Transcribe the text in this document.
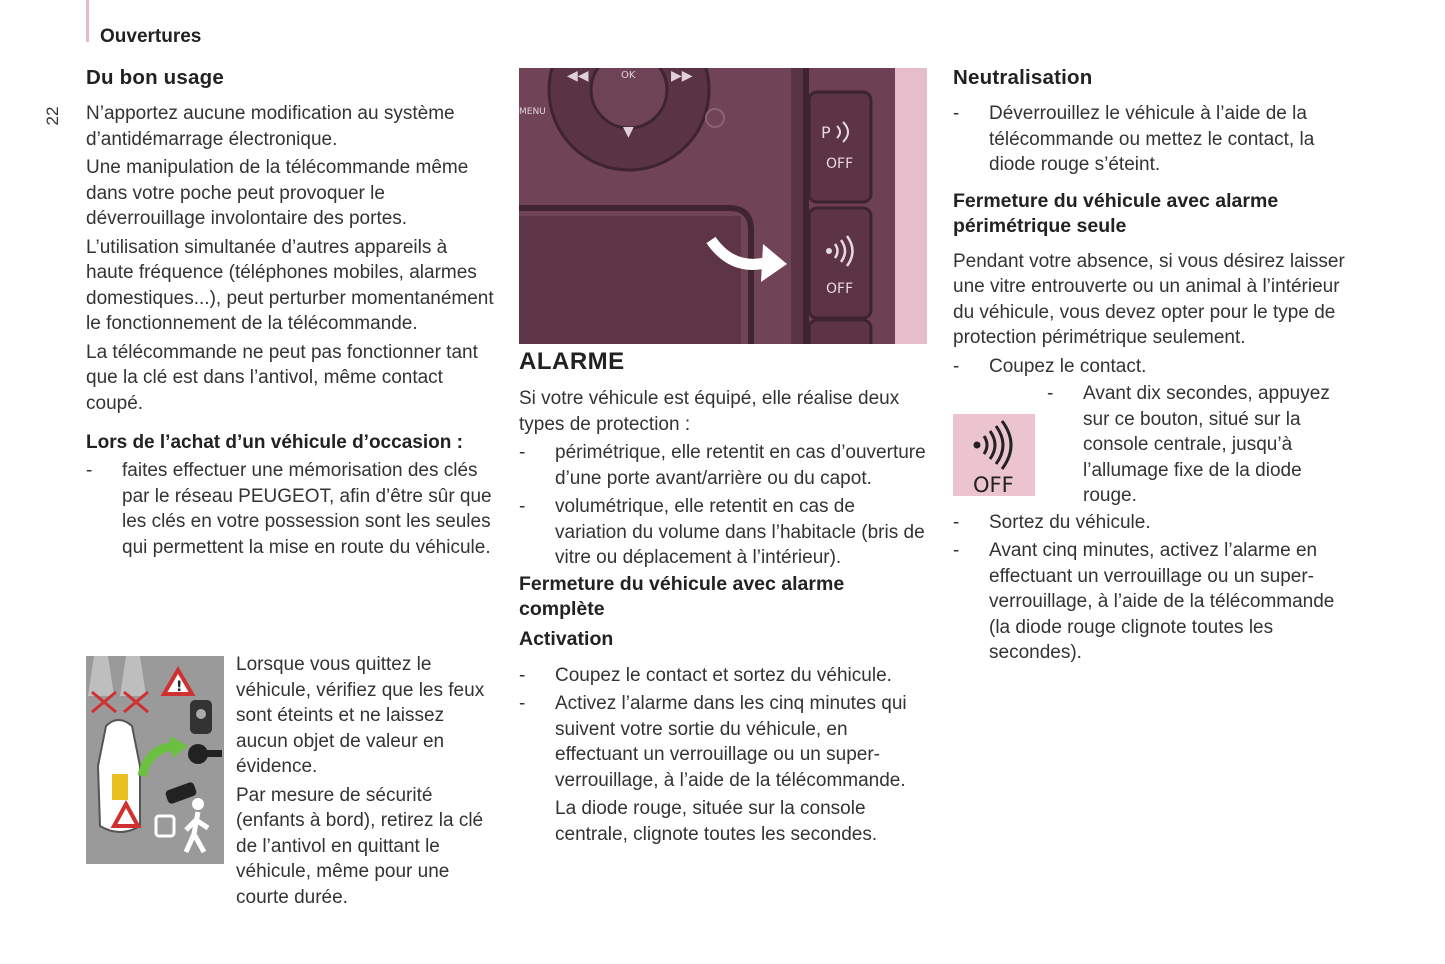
Ouvertures
22
Du bon usage

N’apportez aucune modification au système d’antidémarrage électronique.

Une manipulation de la télécommande même dans votre poche peut provoquer le déverrouillage involontaire des portes.

L’utilisation simultanée d’autres appareils à haute fréquence (téléphones mobiles, alarmes domestiques...), peut perturber momentanément le fonctionnement de la télécommande.

La télécommande ne peut pas fonctionner tant que la clé est dans l’antivol, même contact coupé.

Lors de l’achat d’un véhicule d’occasion :
-	faites effectuer une mémorisation des clés par le réseau PEUGEOT, afin d’être sûr que les clés en votre possession sont les seules qui permettent la mise en route du véhicule.
!

Lorsque vous quittez le véhicule, vérifiez que les feux sont éteints et ne laissez aucun objet de valeur en évidence.

Par mesure de sécurité (enfants à bord), retirez la clé de l’antivol en quittant le véhicule, même pour une courte durée.

OK
◀◀	▶▶
▼
MENU
P
OFF
OFF
ALARME

Si votre véhicule est équipé, elle réalise deux types de protection :

-	périmétrique, elle retentit en cas d’ouverture d’une porte avant/arrière ou du capot.
-	volumétrique, elle retentit en cas de variation du volume dans l’habitacle (bris de vitre ou déplacement à l’intérieur).
Fermeture du véhicule avec alarme complète
Activation
-	Coupez le contact et sortez du véhicule.
-	Activez l’alarme dans les cinq minutes qui suivent votre sortie du véhicule, en effectuant un verrouillage ou un super-verrouillage, à l’aide de la télécommande.

La diode rouge, située sur la console centrale, clignote toutes les secondes.

Neutralisation
-	Déverrouillez le véhicule à l’aide de la télécommande ou mettez le contact, la diode rouge s’éteint.
Fermeture du véhicule avec alarme périmétrique seule

Pendant votre absence, si vous désirez laisser une vitre entrouverte ou un animal à l’intérieur du véhicule, vous devez opter pour le type de protection périmétrique seulement.

-	Coupez le contact.
-	Avant dix secondes, appuyez sur ce bouton, situé sur la console centrale, jusqu’à l’allumage fixe de la diode rouge.
-	Sortez du véhicule.
-	Avant cinq minutes, activez l’alarme en effectuant un verrouillage ou un super-verrouillage, à l’aide de la télécommande (la diode rouge clignote toutes les secondes).
OFF
